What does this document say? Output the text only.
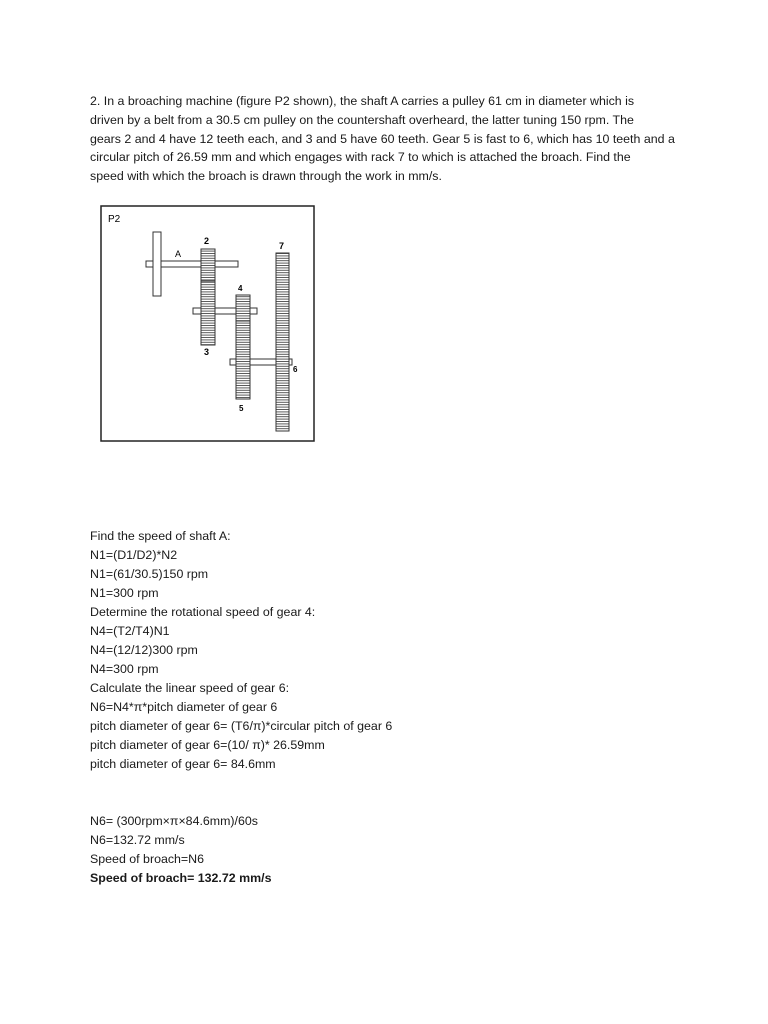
2. In a broaching machine (figure P2 shown), the shaft A carries a pulley 61 cm in diameter which is

driven by a belt from a 30.5 cm pulley on the countershaft overheard, the latter tuning 150 rpm. The

gears 2 and 4 have 12 teeth each, and 3 and 5 have 60 teeth. Gear 5 is fast to 6, which has 10 teeth and a

circular pitch of 26.59 mm and which engages with rack 7 to which is attached the broach. Find the

speed with which the broach is drawn through the work in mm/s.

P2
A
2
3
4
5
6
7

Find the speed of shaft A:

N1=(D1/D2)*N2

N1=(61/30.5)150 rpm

N1=300 rpm

Determine the rotational speed of gear 4:

N4=(T2/T4)N1

N4=(12/12)300 rpm

N4=300 rpm

Calculate the linear speed of gear 6:

N6=N4*π*pitch diameter of gear 6

pitch diameter of gear 6= (T6/π)*circular pitch of gear 6

pitch diameter of gear 6=(10/ π)* 26.59mm

pitch diameter of gear 6= 84.6mm

N6= (300rpm×π×84.6mm)/60s

N6=132.72 mm/s

Speed of broach=N6

Speed of broach= 132.72 mm/s
